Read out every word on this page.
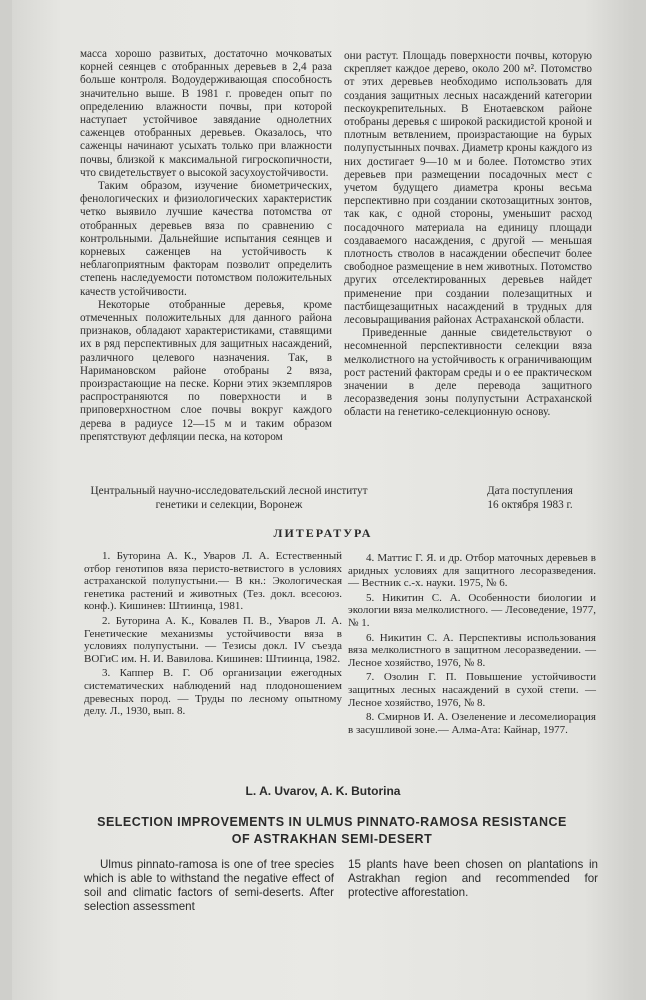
масса хорошо развитых, достаточно мочковатых корней сеянцев с отобранных деревьев в 2,4 раза больше контроля. Водоудерживающая способность значительно выше. В 1981 г. проведен опыт по определению влажности почвы, при которой наступает устойчивое завядание однолетних саженцев отобранных деревьев. Оказалось, что саженцы начинают усыхать только при влажности почвы, близкой к максимальной гигроскопичности, что свидетельствует о высокой засухоустойчивости.

Таким образом, изучение биометрических, фенологических и физиологических характеристик четко выявило лучшие качества потомства от отобранных деревьев вяза по сравнению с контрольными. Дальнейшие испытания сеянцев и корневых саженцев на устойчивость к неблагоприятным факторам позволит определить степень наследуемости потомством положительных качеств устойчивости.

Некоторые отобранные деревья, кроме отмеченных положительных для данного района признаков, обладают характеристиками, ставящими их в ряд перспективных для защитных насаждений, различного целевого назначения. Так, в Наримановском районе отобраны 2 вяза, произрастающие на песке. Корни этих экземпляров распространяются по поверхности и в приповерхностном слое почвы вокруг каждого дерева в радиусе 12—15 м и таким образом препятствуют дефляции песка, на котором

они растут. Площадь поверхности почвы, которую скрепляет каждое дерево, около 200 м². Потомство от этих деревьев необходимо использовать для создания защитных лесных насаждений категории пескоукрепительных. В Енотаевском районе отобраны деревья с широкой раскидистой кроной и плотным ветвлением, произрастающие на бурых полупустынных почвах. Диаметр кроны каждого из них достигает 9—10 м и более. Потомство этих деревьев при размещении посадочных мест с учетом будущего диаметра кроны весьма перспективно при создании скотозащитных зонтов, так как, с одной стороны, уменьшит расход посадочного материала на единицу площади создаваемого насаждения, с другой — меньшая плотность стволов в насаждении обеспечит более свободное размещение в нем животных. Потомство других отселектированных деревьев найдет применение при создании полезащитных и пастбищезащитных насаждений в трудных для лесовыращивания районах Астраханской области.

Приведенные данные свидетельствуют о несомненной перспективности селекции вяза мелколистного на устойчивость к ограничивающим рост растений факторам среды и о ее практическом значении в деле перевода защитного лесоразведения зоны полупустыни Астраханской области на генетико-селекционную основу.

Центральный научно-исследовательский лесной институт генетики и селекции, Воронеж
Дата поступления
16 октября 1983 г.
ЛИТЕРАТУРА

1. Буторина А. К., Уваров Л. А. Естественный отбор генотипов вяза перисто-ветвистого в условиях астраханской полупустыни.— В кн.: Экологическая генетика растений и животных (Тез. докл. всесоюз. конф.). Кишинев: Штиинца, 1981.

2. Буторина А. К., Ковалев П. В., Уваров Л. А. Генетические механизмы устойчивости вяза в условиях полупустыни. — Тезисы докл. IV съезда ВОГиС им. Н. И. Вавилова. Кишинев: Штиинца, 1982.

3. Каппер В. Г. Об организации ежегодных систематических наблюдений над плодоношением древесных пород. — Труды по лесному опытному делу. Л., 1930, вып. 8.

4. Маттис Г. Я. и др. Отбор маточных деревьев в аридных условиях для защитного лесоразведения. — Вестник с.-х. науки. 1975, № 6.

5. Никитин С. А. Особенности биологии и экологии вяза мелколистного. — Лесоведение, 1977, № 1.

6. Никитин С. А. Перспективы использования вяза мелколистного в защитном лесоразведении. — Лесное хозяйство, 1976, № 8.

7. Озолин Г. П. Повышение устойчивости защитных лесных насаждений в сухой степи. — Лесное хозяйство, 1976, № 8.

8. Смирнов И. А. Озеленение и лесомелиорация в засушливой зоне.— Алма-Ата: Кайнар, 1977.

L. A. Uvarov, A. K. Butorina
SELECTION IMPROVEMENTS IN ULMUS PINNATO-RAMOSA RESISTANCE
OF ASTRAKHAN SEMI-DESERT

Ulmus pinnato-ramosa is one of tree species which is able to withstand the negative effect of soil and climatic factors of semi-deserts. After selection assessment

15 plants have been chosen on plantations in Astrakhan region and recommended for protective afforestation.
